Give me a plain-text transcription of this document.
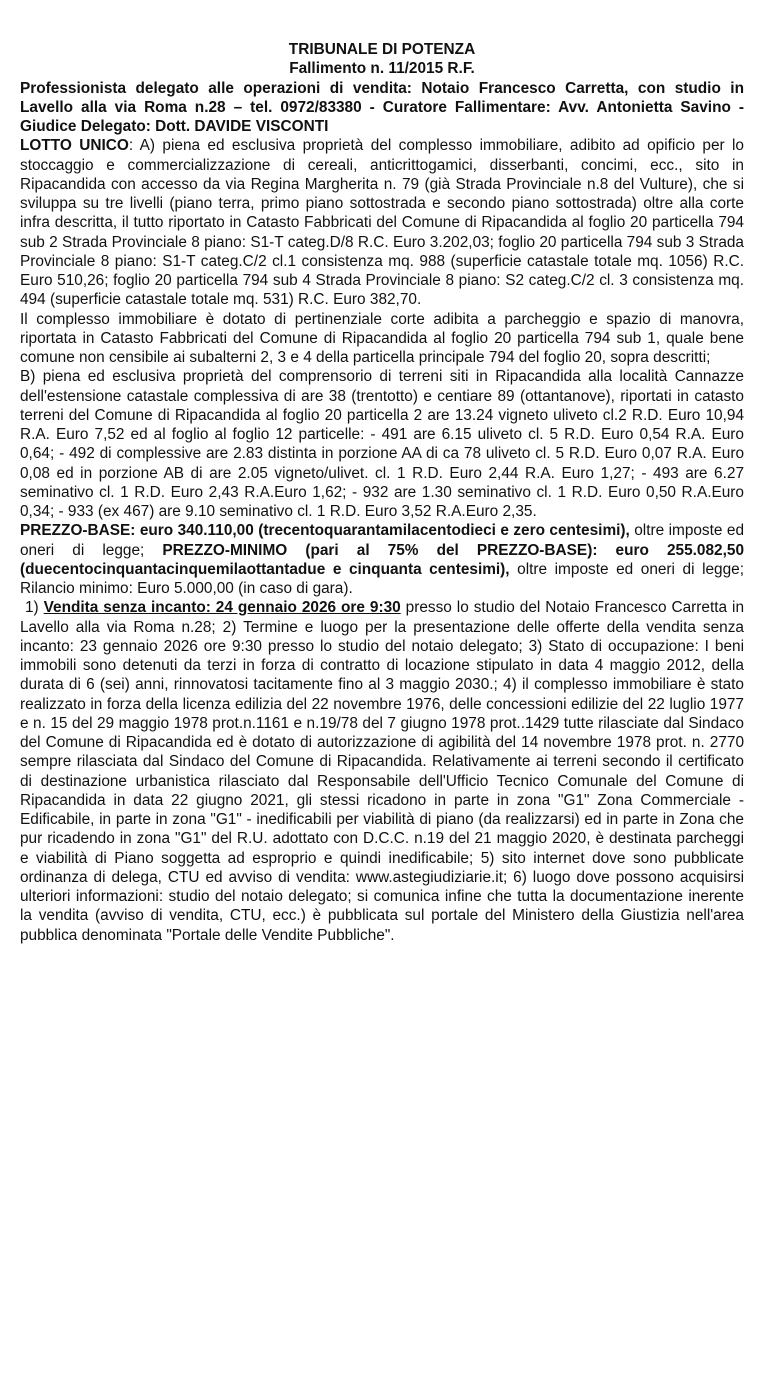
TRIBUNALE DI POTENZA

Fallimento n. 11/2015 R.F.

Professionista delegato alle operazioni di vendita: Notaio Francesco Carretta, con studio in Lavello alla via Roma n.28 – tel. 0972/83380 - Curatore Fallimentare: Avv. Antonietta Savino - Giudice Delegato: Dott. DAVIDE VISCONTI

LOTTO UNICO: A) piena ed esclusiva proprietà del complesso immobiliare, adibito ad opificio per lo stoccaggio e commercializzazione di cereali, anticrittogamici, disserbanti, concimi, ecc., sito in Ripacandida con accesso da via Regina Margherita n. 79 (già Strada Provinciale n.8 del Vulture), che si sviluppa su tre livelli (piano terra, primo piano sottostrada e secondo piano sottostrada) oltre alla corte infra descritta, il tutto riportato in Catasto Fabbricati del Comune di Ripacandida al foglio 20 particella 794 sub 2 Strada Provinciale 8 piano: S1-T categ.D/8 R.C. Euro 3.202,03; foglio 20 particella 794 sub 3 Strada Provinciale 8 piano: S1-T categ.C/2 cl.1 consistenza mq. 988 (superficie catastale totale mq. 1056) R.C. Euro 510,26; foglio 20 particella 794 sub 4 Strada Provinciale 8 piano: S2 categ.C/2 cl. 3 consistenza mq. 494 (superficie catastale totale mq. 531) R.C. Euro 382,70.

Il complesso immobiliare è dotato di pertinenziale corte adibita a parcheggio e spazio di manovra, riportata in Catasto Fabbricati del Comune di Ripacandida al foglio 20 particella 794 sub 1, quale bene comune non censibile ai subalterni 2, 3 e 4 della particella principale 794 del foglio 20, sopra descritti;

B) piena ed esclusiva proprietà del comprensorio di terreni siti in Ripacandida alla località Cannazze dell'estensione catastale complessiva di are 38 (trentotto) e centiare 89 (ottantanove), riportati in catasto terreni del Comune di Ripacandida al foglio 20 particella 2 are 13.24 vigneto uliveto cl.2 R.D. Euro 10,94 R.A. Euro 7,52 ed al foglio al foglio 12 particelle: - 491 are 6.15 uliveto cl. 5 R.D. Euro 0,54 R.A. Euro 0,64; - 492 di complessive are 2.83 distinta in porzione AA di ca 78 uliveto cl. 5 R.D. Euro 0,07 R.A. Euro 0,08 ed in porzione AB di are 2.05 vigneto/ulivet. cl. 1 R.D. Euro 2,44 R.A. Euro 1,27; - 493 are 6.27 seminativo cl. 1 R.D. Euro 2,43 R.A.Euro 1,62; - 932 are 1.30 seminativo cl. 1 R.D. Euro 0,50 R.A.Euro 0,34; - 933 (ex 467) are 9.10 seminativo cl. 1 R.D. Euro 3,52 R.A.Euro 2,35.

PREZZO-BASE: euro 340.110,00 (trecentoquarantamilacentodieci e zero centesimi), oltre imposte ed oneri di legge; PREZZO-MINIMO (pari al 75% del PREZZO-BASE): euro 255.082,50 (duecentocinquantacinquemilaottantadue e cinquanta centesimi), oltre imposte ed oneri di legge; Rilancio minimo: Euro 5.000,00 (in caso di gara).

1) Vendita senza incanto: 24 gennaio 2026 ore 9:30 presso lo studio del Notaio Francesco Carretta in Lavello alla via Roma n.28; 2) Termine e luogo per la presentazione delle offerte della vendita senza incanto: 23 gennaio 2026 ore 9:30 presso lo studio del notaio delegato; 3) Stato di occupazione: I beni immobili sono detenuti da terzi in forza di contratto di locazione stipulato in data 4 maggio 2012, della durata di 6 (sei) anni, rinnovatosi tacitamente fino al 3 maggio 2030.; 4) il complesso immobiliare è stato realizzato in forza della licenza edilizia del 22 novembre 1976, delle concessioni edilizie del 22 luglio 1977 e n. 15 del 29 maggio 1978 prot.n.1161 e n.19/78 del 7 giugno 1978 prot..1429 tutte rilasciate dal Sindaco del Comune di Ripacandida ed è dotato di autorizzazione di agibilità del 14 novembre 1978 prot. n. 2770 sempre rilasciata dal Sindaco del Comune di Ripacandida. Relativamente ai terreni secondo il certificato di destinazione urbanistica rilasciato dal Responsabile dell'Ufficio Tecnico Comunale del Comune di Ripacandida in data 22 giugno 2021, gli stessi ricadono in parte in zona "G1" Zona Commerciale - Edificabile, in parte in zona "G1" - inedificabili per viabilità di piano (da realizzarsi) ed in parte in Zona che pur ricadendo in zona "G1" del R.U. adottato con D.C.C. n.19 del 21 maggio 2020, è destinata parcheggi e viabilità di Piano soggetta ad esproprio e quindi inedificabile; 5) sito internet dove sono pubblicate ordinanza di delega, CTU ed avviso di vendita: www.astegiudiziarie.it; 6) luogo dove possono acquisirsi ulteriori informazioni: studio del notaio delegato; si comunica infine che tutta la documentazione inerente la vendita (avviso di vendita, CTU, ecc.) è pubblicata sul portale del Ministero della Giustizia nell'area pubblica denominata "Portale delle Vendite Pubbliche".
